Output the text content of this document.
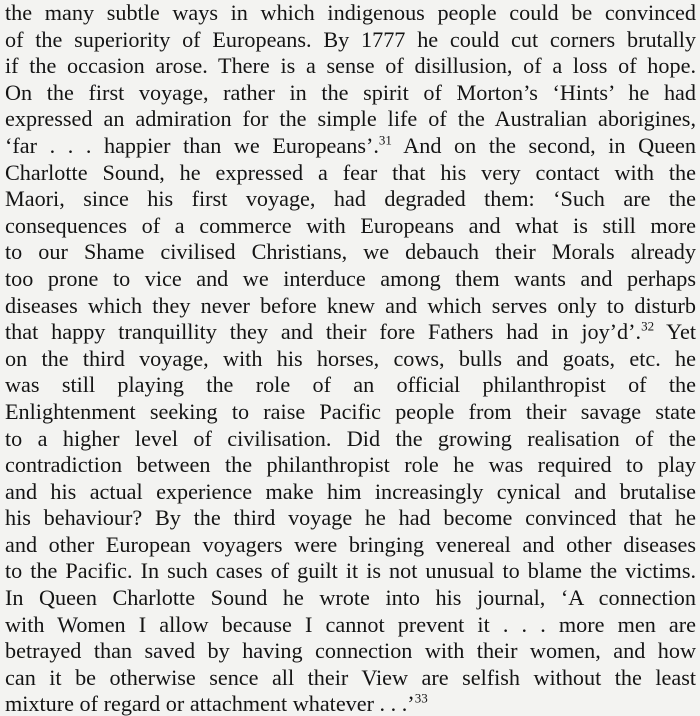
the many subtle ways in which indigenous people could be convinced
of the superiority of Europeans. By 1777 he could cut corners brutally
if the occasion arose. There is a sense of disillusion, of a loss of hope.
On the first voyage, rather in the spirit of Morton’s ‘Hints’ he had
expressed an admiration for the simple life of the Australian aborigines,
‘far . . . happier than we Europeans’.$^{31}$ And on the second, in Queen
Charlotte Sound, he expressed a fear that his very contact with the
Maori, since his first voyage, had degraded them: ‘Such are the
consequences of a commerce with Europeans and what is still more
to our Shame civilised Christians, we debauch their Morals already
too prone to vice and we interduce among them wants and perhaps
diseases which they never before knew and which serves only to disturb
that happy tranquillity they and their fore Fathers had in joy’d’.$^{32}$ Yet
on the third voyage, with his horses, cows, bulls and goats, etc. he
was still playing the role of an official philanthropist of the
Enlightenment seeking to raise Pacific people from their savage state
to a higher level of civilisation. Did the growing realisation of the
contradiction between the philanthropist role he was required to play
and his actual experience make him increasingly cynical and brutalise
his behaviour? By the third voyage he had become convinced that he
and other European voyagers were bringing venereal and other diseases
to the Pacific. In such cases of guilt it is not unusual to blame the victims.
In Queen Charlotte Sound he wrote into his journal, ‘A connection
with Women I allow because I cannot prevent it . . . more men are
betrayed than saved by having connection with their women, and how
can it be otherwise sence all their View are selfish without the least
mixture of regard or attachment whatever . . .’$^{33}$
